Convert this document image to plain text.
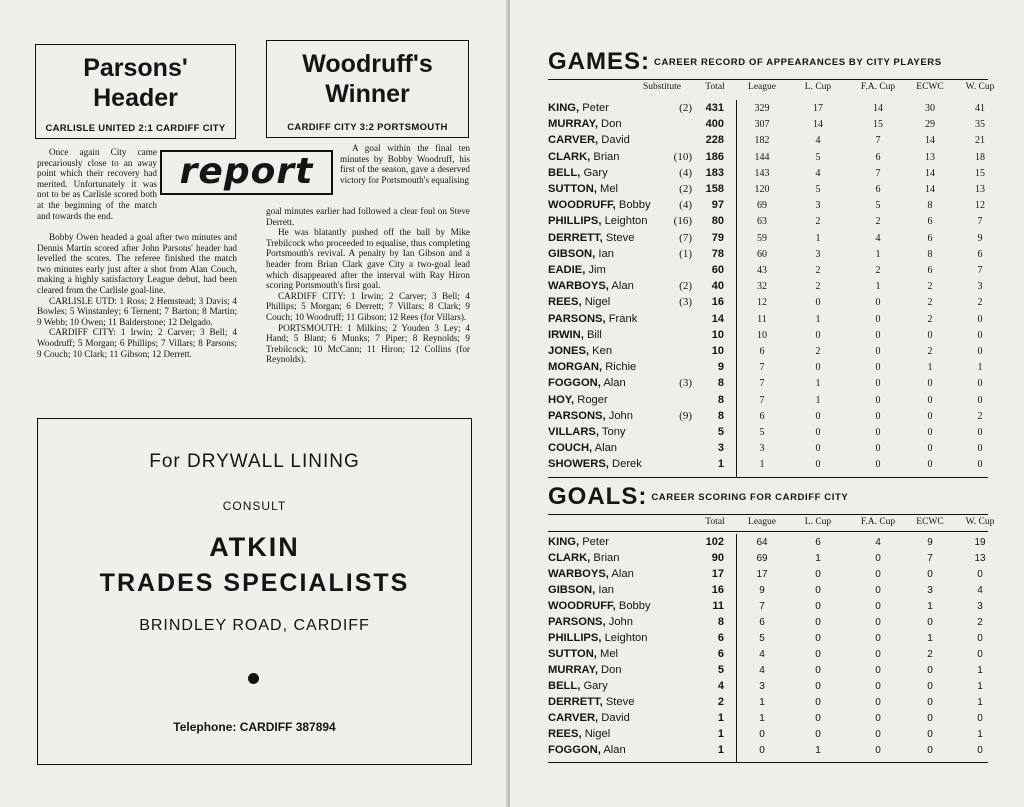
Parsons'
Header
CARLISLE UNITED 2:1 CARDIFF CITY
Woodruff's
Winner
CARDIFF CITY 3:2 PORTSMOUTH
report

Once again City came precariously close to an away point which their recovery had merited. Unfortunately it was not to be as Carlisle scored both at the beginning of the match and towards the end.

Bobby Owen headed a goal after two minutes and Dennis Martin scored after John Parsons' header had levelled the scores. The referee finished the match two minutes early just after a shot from Alan Couch, making a highly satisfactory League debut, had been cleared from the Carlisle goal-line.

CARLISLE UTD: 1 Ross; 2 Hemstead; 3 Davis; 4 Bowles; 5 Winstanley; 6 Ternent; 7 Barton; 8 Martin; 9 Webb; 10 Owen; 11 Balderstone; 12 Delgado.

CARDIFF CITY: 1 Irwin; 2 Carver; 3 Bell; 4 Woodruff; 5 Morgan; 6 Phillips; 7 Villars; 8 Parsons; 9 Couch; 10 Clark; 11 Gibson; 12 Derrett.

A goal within the final ten minutes by Bobby Woodruff, his first of the season, gave a deserved victory for Portsmouth's equalising

goal minutes earlier had followed a clear foul on Steve Derrett.

He was blatantly pushed off the ball by Mike Trebilcock who proceeded to equalise, thus completing Portsmouth's revival. A penalty by Ian Gibson and a header from Brian Clark gave City a two-goal lead which disappeared after the interval with Ray Hiron scoring Portsmouth's first goal.

CARDIFF CITY: 1 Irwin; 2 Carver; 3 Bell; 4 Phillips; 5 Morgan; 6 Derrett; 7 Villars; 8 Clark; 9 Couch; 10 Woodruff; 11 Gibson; 12 Rees (for Villars).

PORTSMOUTH: 1 Milkins; 2 Youden 3 Ley; 4 Hand; 5 Blant; 6 Munks; 7 Piper; 8 Reynolds; 9 Trebilcock; 10 McCann; 11 Hiron; 12 Collins (for Reynolds).

For DRYWALL LINING
CONSULT
ATKIN
TRADES SPECIALISTS
BRINDLEY ROAD, CARDIFF
Telephone: CARDIFF 387894
GAMES: CAREER RECORD OF APPEARANCES BY CITY PLAYERS
Substitute	Total	League	L. Cup	F.A. Cup	ECWC	W. Cup
KING, Peter	(2)	431	329	17	14	30	41
MURRAY, Don	400	307	14	15	29	35
CARVER, David	228	182	4	7	14	21
CLARK, Brian	(10)	186	144	5	6	13	18
BELL, Gary	(4)	183	143	4	7	14	15
SUTTON, Mel	(2)	158	120	5	6	14	13
WOODRUFF, Bobby	(4)	97	69	3	5	8	12
PHILLIPS, Leighton	(16)	80	63	2	2	6	7
DERRETT, Steve	(7)	79	59	1	4	6	9
GIBSON, Ian	(1)	78	60	3	1	8	6
EADIE, Jim	60	43	2	2	6	7
WARBOYS, Alan	(2)	40	32	2	1	2	3
REES, Nigel	(3)	16	12	0	0	2	2
PARSONS, Frank	14	11	1	0	2	0
IRWIN, Bill	10	10	0	0	0	0
JONES, Ken	10	6	2	0	2	0
MORGAN, Richie	9	7	0	0	1	1
FOGGON, Alan	(3)	8	7	1	0	0	0
HOY, Roger	8	7	1	0	0	0
PARSONS, John	(9)	8	6	0	0	0	2
VILLARS, Tony	5	5	0	0	0	0
COUCH, Alan	3	3	0	0	0	0
SHOWERS, Derek	1	1	0	0	0	0
GOALS: CAREER SCORING FOR CARDIFF CITY
Total	League	L. Cup	F.A. Cup	ECWC	W. Cup
KING, Peter	102	64	6	4	9	19
CLARK, Brian	90	69	1	0	7	13
WARBOYS, Alan	17	17	0	0	0	0
GIBSON, Ian	16	9	0	0	3	4
WOODRUFF, Bobby	11	7	0	0	1	3
PARSONS, John	8	6	0	0	0	2
PHILLIPS, Leighton	6	5	0	0	1	0
SUTTON, Mel	6	4	0	0	2	0
MURRAY, Don	5	4	0	0	0	1
BELL, Gary	4	3	0	0	0	1
DERRETT, Steve	2	1	0	0	0	1
CARVER, David	1	1	0	0	0	0
REES, Nigel	1	0	0	0	0	1
FOGGON, Alan	1	0	1	0	0	0
